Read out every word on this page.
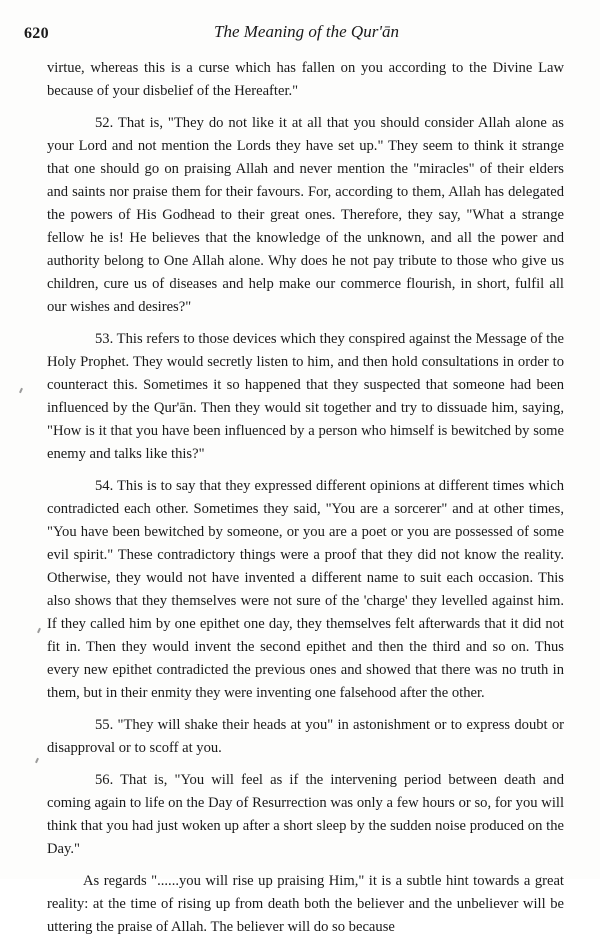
620	The Meaning of the Qur'ān

virtue, whereas this is a curse which has fallen on you according to the Divine Law because of your disbelief of the Hereafter."

52. That is, "They do not like it at all that you should consider Allah alone as your Lord and not mention the Lords they have set up." They seem to think it strange that one should go on praising Allah and never mention the "miracles" of their elders and saints nor praise them for their favours. For, according to them, Allah has delegated the powers of His Godhead to their great ones. Therefore, they say, "What a strange fellow he is! He believes that the knowledge of the unknown, and all the power and authority belong to One Allah alone. Why does he not pay tribute to those who give us children, cure us of diseases and help make our commerce flourish, in short, fulfil all our wishes and desires?"

53. This refers to those devices which they conspired against the Message of the Holy Prophet. They would secretly listen to him, and then hold consultations in order to counteract this. Sometimes it so happened that they suspected that someone had been influenced by the Qur'ān. Then they would sit together and try to dissuade him, saying, "How is it that you have been influenced by a person who himself is bewitched by some enemy and talks like this?"

54. This is to say that they expressed different opinions at different times which contradicted each other. Sometimes they said, "You are a sorcerer" and at other times, "You have been bewitched by someone, or you are a poet or you are possessed of some evil spirit." These contradictory things were a proof that they did not know the reality. Otherwise, they would not have invented a different name to suit each occasion. This also shows that they themselves were not sure of the 'charge' they levelled against him. If they called him by one epithet one day, they themselves felt afterwards that it did not fit in. Then they would invent the second epithet and then the third and so on. Thus every new epithet contradicted the previous ones and showed that there was no truth in them, but in their enmity they were inventing one falsehood after the other.

55. "They will shake their heads at you" in astonishment or to express doubt or disapproval or to scoff at you.

56. That is, "You will feel as if the intervening period between death and coming again to life on the Day of Resurrection was only a few hours or so, for you will think that you had just woken up after a short sleep by the sudden noise produced on the Day."

As regards "......you will rise up praising Him," it is a subtle hint towards a great reality: at the time of rising up from death both the believer and the unbeliever will be uttering the praise of Allah. The believer will do so because
